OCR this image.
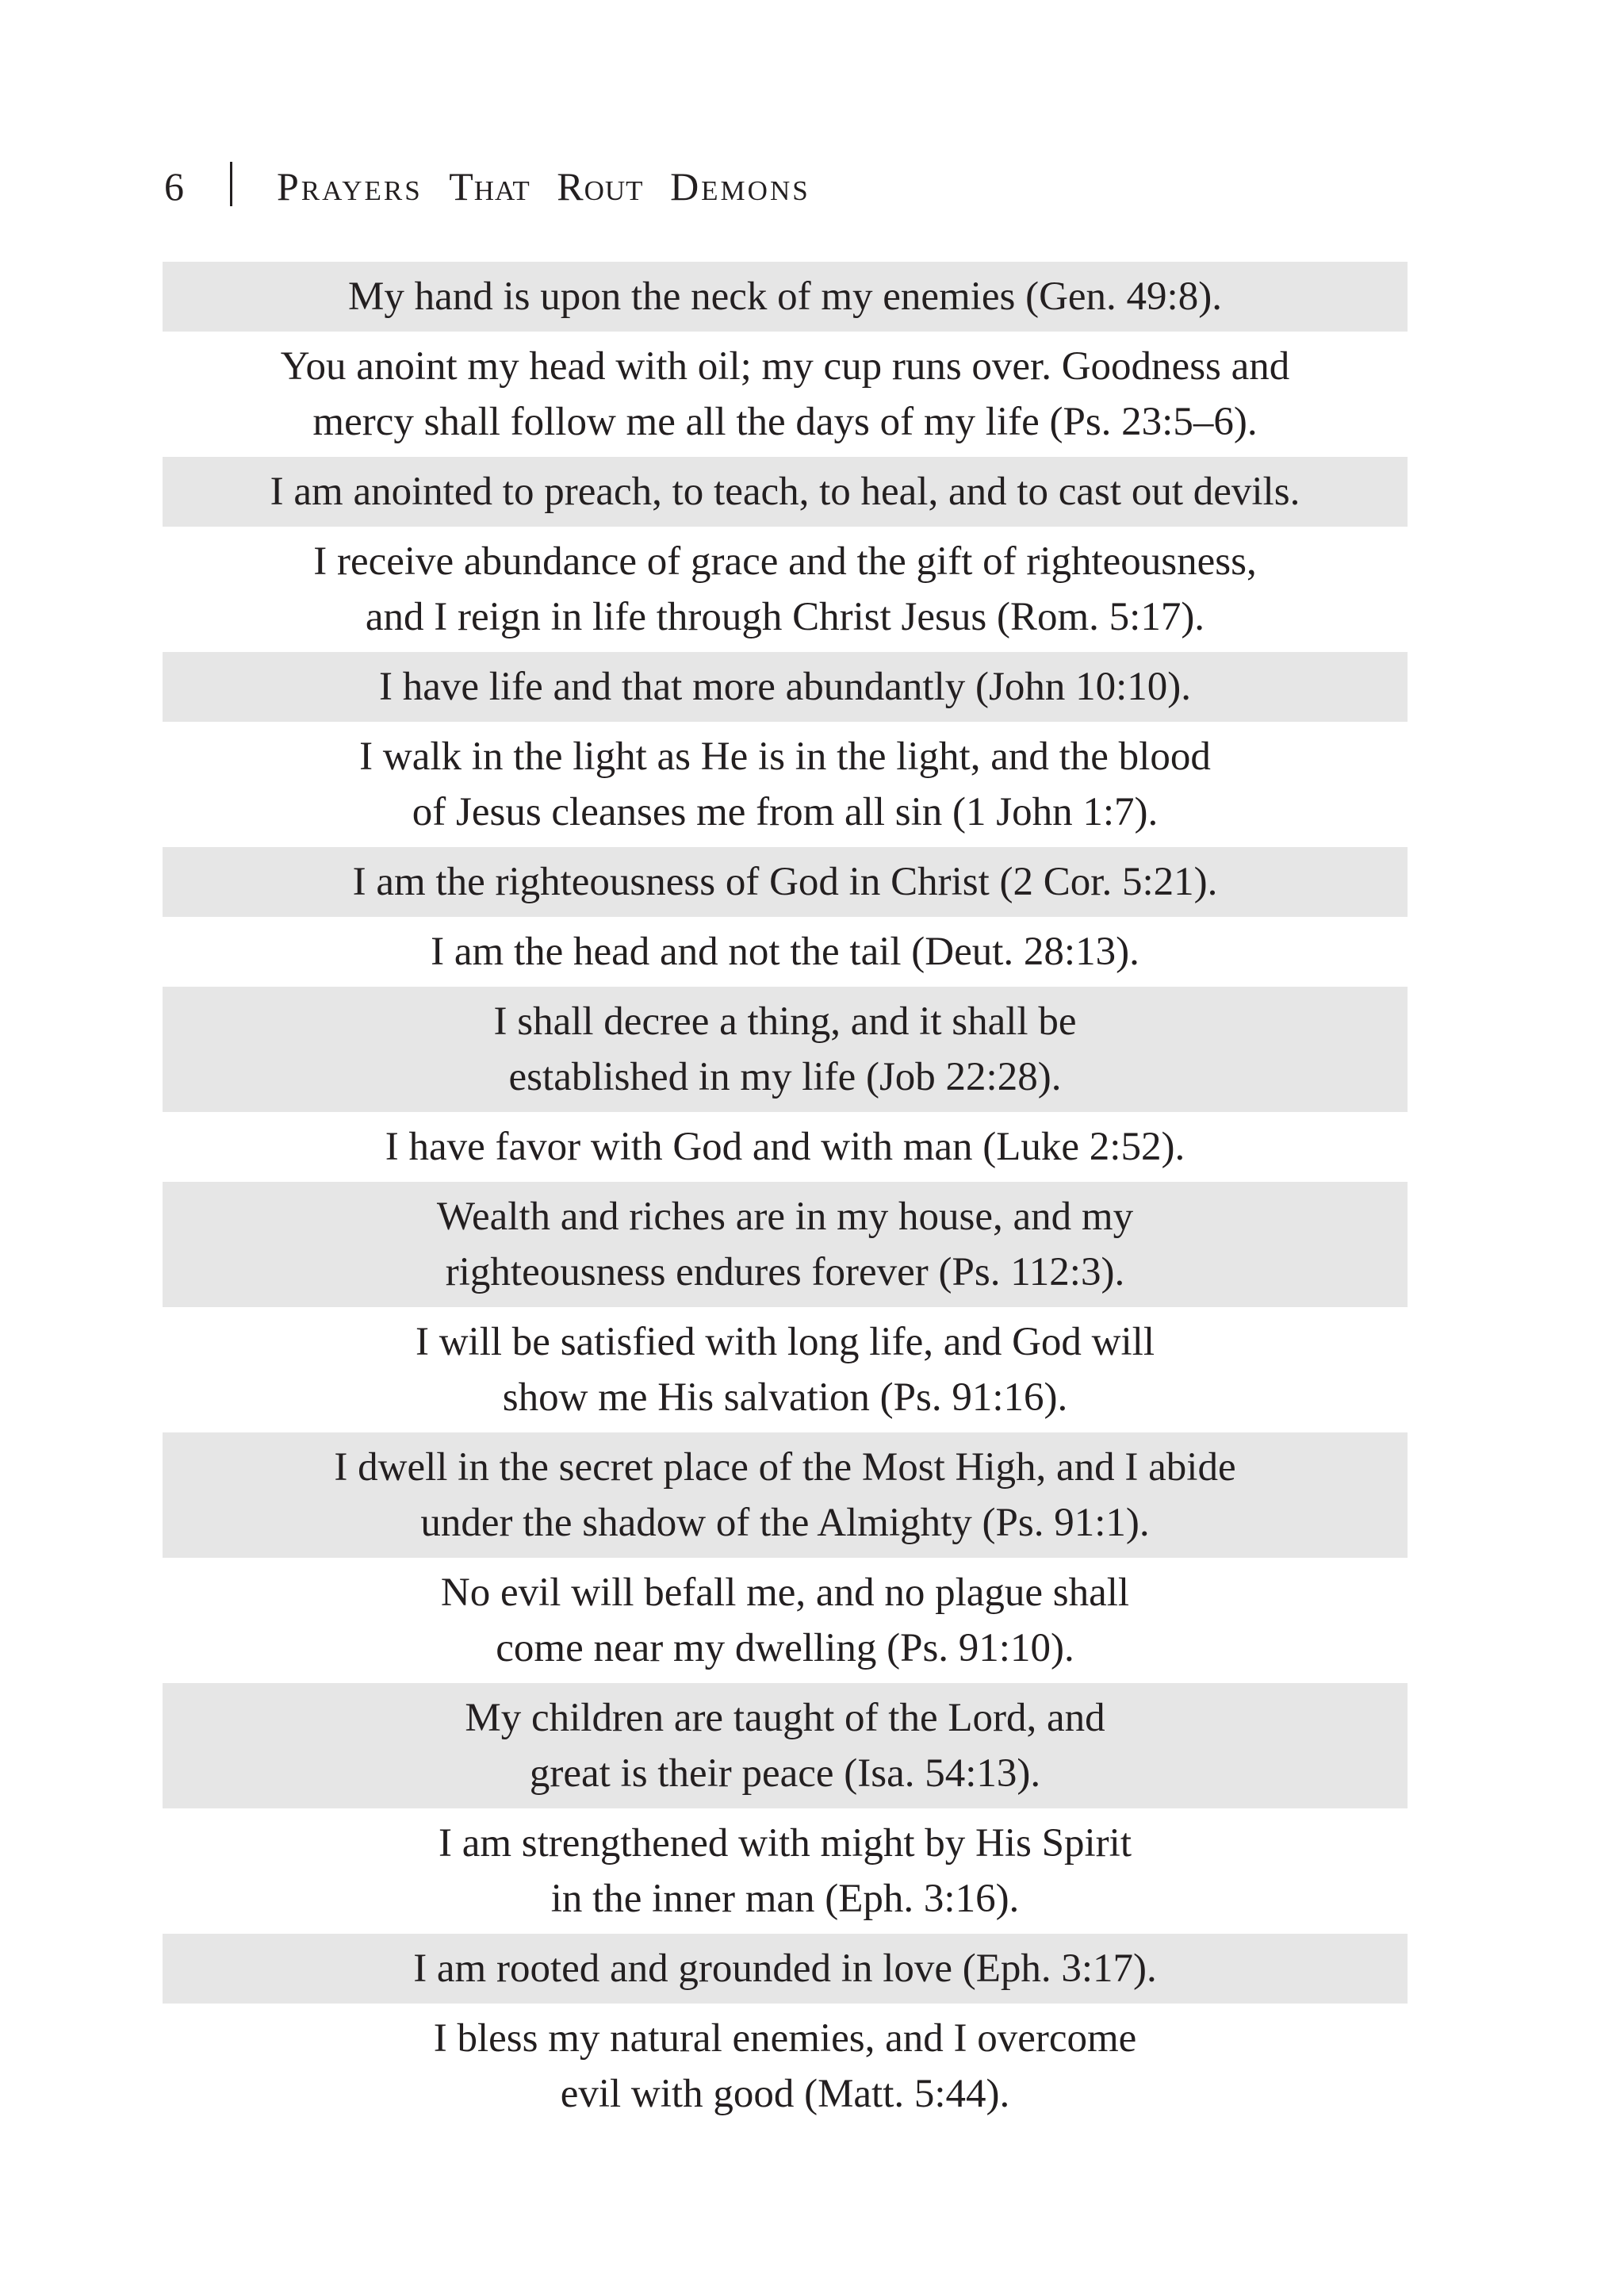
6 Prayers That Rout Demons
My hand is upon the neck of my enemies (Gen. 49:8).
You anoint my head with oil; my cup runs over. Goodness and
mercy shall follow me all the days of my life (Ps. 23:5–6).
I am anointed to preach, to teach, to heal, and to cast out devils.
I receive abundance of grace and the gift of righteousness,
and I reign in life through Christ Jesus (Rom. 5:17).
I have life and that more abundantly (John 10:10).
I walk in the light as He is in the light, and the blood
of Jesus cleanses me from all sin (1 John 1:7).
I am the righteousness of God in Christ (2 Cor. 5:21).
I am the head and not the tail (Deut. 28:13).
I shall decree a thing, and it shall be
established in my life (Job 22:28).
I have favor with God and with man (Luke 2:52).
Wealth and riches are in my house, and my
righteousness endures forever (Ps. 112:3).
I will be satisfied with long life, and God will
show me His salvation (Ps. 91:16).
I dwell in the secret place of the Most High, and I abide
under the shadow of the Almighty (Ps. 91:1).
No evil will befall me, and no plague shall
come near my dwelling (Ps. 91:10).
My children are taught of the Lord, and
great is their peace (Isa. 54:13).
I am strengthened with might by His Spirit
in the inner man (Eph. 3:16).
I am rooted and grounded in love (Eph. 3:17).
I bless my natural enemies, and I overcome
evil with good (Matt. 5:44).
